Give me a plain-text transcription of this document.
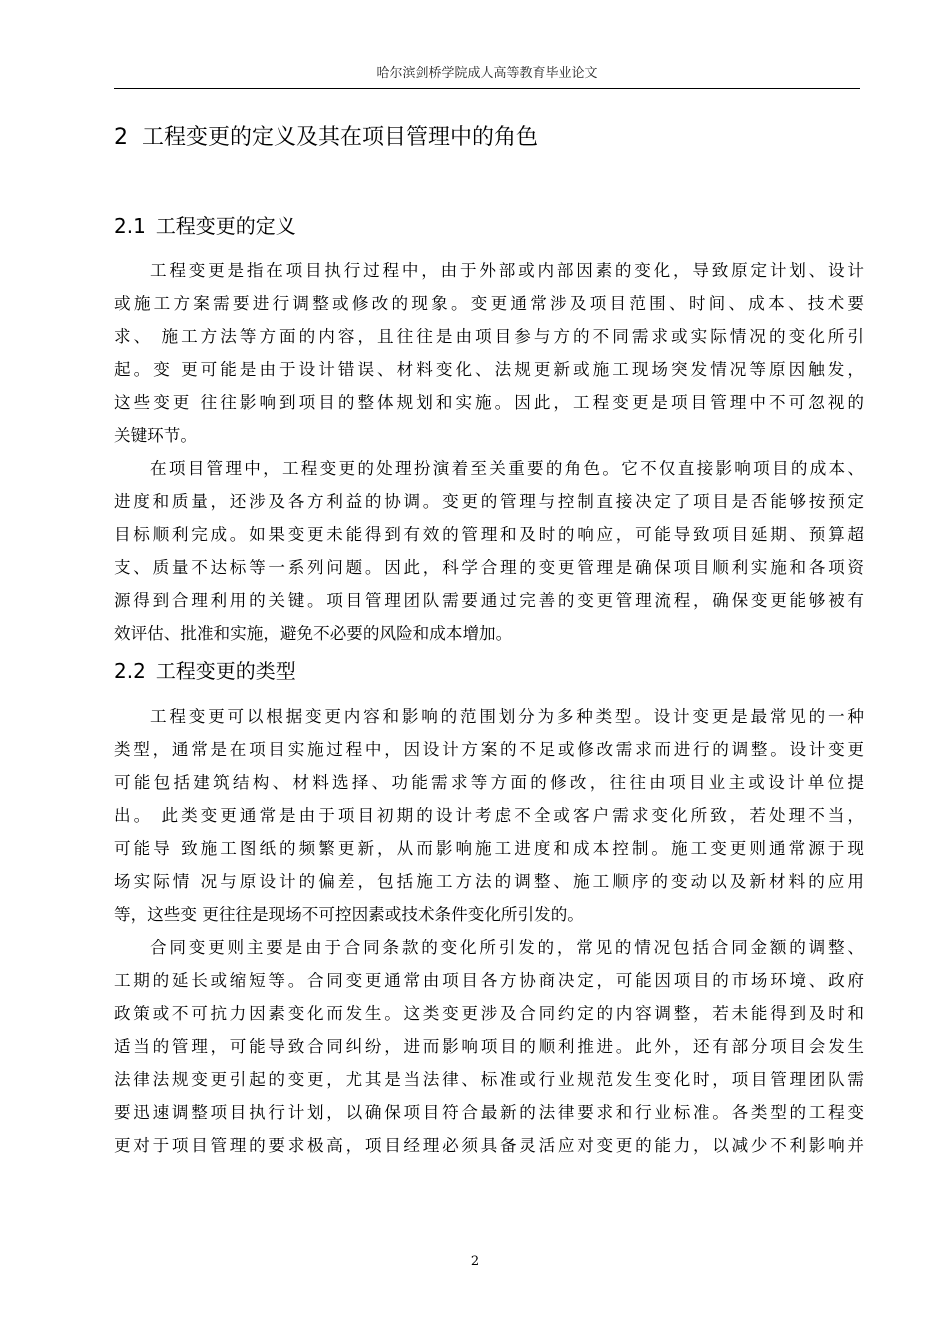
哈尔滨剑桥学院成人高等教育毕业论文
2 工程变更的定义及其在项目管理中的角色
2.1 工程变更的定义
工程变更是指在项目执行过程中，由于外部或内部因素的变化，导致原定计划、设计
或施工方案需要进行调整或修改的现象。变更通常涉及项目范围、时间、成本、技术要
求、 施工方法等方面的内容，且往往是由项目参与方的不同需求或实际情况的变化所引
起。变 更可能是由于设计错误、材料变化、法规更新或施工现场突发情况等原因触发，
这些变更 往往影响到项目的整体规划和实施。因此，工程变更是项目管理中不可忽视的
关键环节。
在项目管理中，工程变更的处理扮演着至关重要的角色。它不仅直接影响项目的成本、
进度和质量，还涉及各方利益的协调。变更的管理与控制直接决定了项目是否能够按预定
目标顺利完成。如果变更未能得到有效的管理和及时的响应，可能导致项目延期、预算超
支、质量不达标等一系列问题。因此，科学合理的变更管理是确保项目顺利实施和各项资
源得到合理利用的关键。项目管理团队需要通过完善的变更管理流程，确保变更能够被有
效评估、批准和实施，避免不必要的风险和成本增加。
2.2 工程变更的类型
工程变更可以根据变更内容和影响的范围划分为多种类型。设计变更是最常见的一种
类型，通常是在项目实施过程中，因设计方案的不足或修改需求而进行的调整。设计变更
可能包括建筑结构、材料选择、功能需求等方面的修改，往往由项目业主或设计单位提
出。 此类变更通常是由于项目初期的设计考虑不全或客户需求变化所致，若处理不当，
可能导 致施工图纸的频繁更新，从而影响施工进度和成本控制。施工变更则通常源于现
场实际情 况与原设计的偏差，包括施工方法的调整、施工顺序的变动以及新材料的应用
等，这些变 更往往是现场不可控因素或技术条件变化所引发的。
合同变更则主要是由于合同条款的变化所引发的，常见的情况包括合同金额的调整、
工期的延长或缩短等。合同变更通常由项目各方协商决定，可能因项目的市场环境、政府
政策或不可抗力因素变化而发生。这类变更涉及合同约定的内容调整，若未能得到及时和
适当的管理，可能导致合同纠纷，进而影响项目的顺利推进。此外，还有部分项目会发生
法律法规变更引起的变更，尤其是当法律、标准或行业规范发生变化时，项目管理团队需
要迅速调整项目执行计划，以确保项目符合最新的法律要求和行业标准。各类型的工程变
更对于项目管理的要求极高，项目经理必须具备灵活应对变更的能力，以减少不利影响并
2
